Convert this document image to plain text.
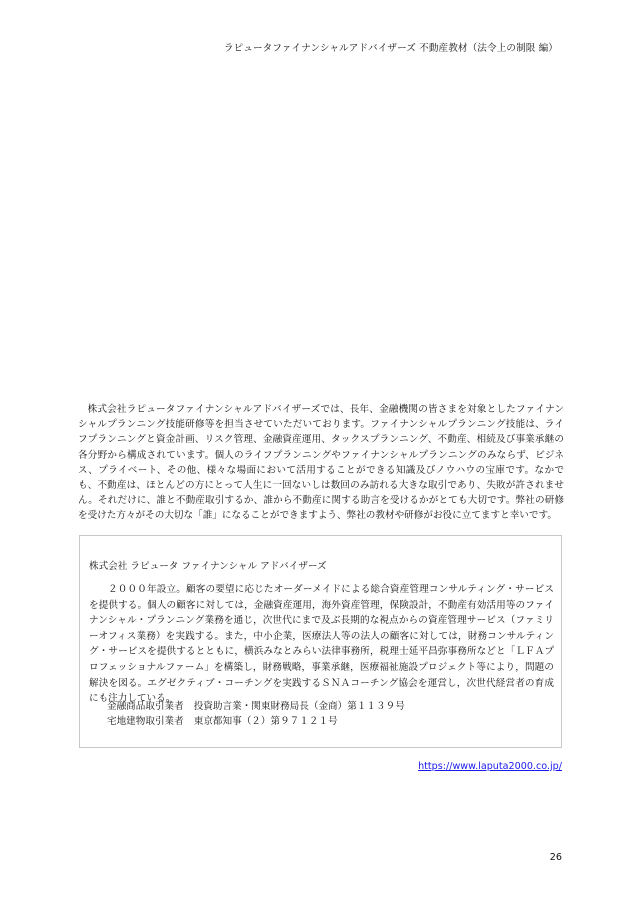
ラピュータファイナンシャルアドバイザーズ 不動産教材（法令上の制限 編）

株式会社ラピュータファイナンシャルアドバイザーズでは、長年、金融機関の皆さまを対象としたファイナンシャルプランニング技能研修等を担当させていただいております。ファイナンシャルプランニング技能は、ライフプランニングと資金計画、リスク管理、金融資産運用、タックスプランニング、不動産、相続及び事業承継の各分野から構成されています。個人のライフプランニングやファイナンシャルプランニングのみならず、ビジネス、プライベート、その他、様々な場面において活用することができる知識及びノウハウの宝庫です。なかでも、不動産は、ほとんどの方にとって人生に一回ないしは数回のみ訪れる大きな取引であり、失敗が許されません。それだけに、誰と不動産取引するか、誰から不動産に関する助言を受けるかがとても大切です。弊社の研修を受けた方々がその大切な「誰」になることができますよう、弊社の教材や研修がお役に立てますと幸いです。

株式会社 ラピュータ ファイナンシャル アドバイザーズ

２０００年設立。顧客の要望に応じたオーダーメイドによる総合資産管理コンサルティング・サービスを提供する。個人の顧客に対しては，金融資産運用，海外資産管理，保険設計，不動産有効活用等のファイナンシャル・プランニング業務を通じ，次世代にまで及ぶ長期的な視点からの資産管理サービス（ファミリーオフィス業務）を実践する。また，中小企業，医療法人等の法人の顧客に対しては，財務コンサルティング・サービスを提供するとともに，横浜みなとみらい法律事務所，税理士延平昌弥事務所などと「ＬＦＡプロフェッショナルファーム」を構築し，財務戦略，事業承継，医療福祉施設プロジェクト等により，問題の解決を図る。エグゼクティブ・コーチングを実践するＳＮＡコーチング協会を運営し，次世代経営者の育成にも注力している。

金融商品取引業者 投資助言業・関東財務局長（金商）第１１３９号
宅地建物取引業者 東京都知事（２）第９７１２１号
https://www.laputa2000.co.jp/
26
